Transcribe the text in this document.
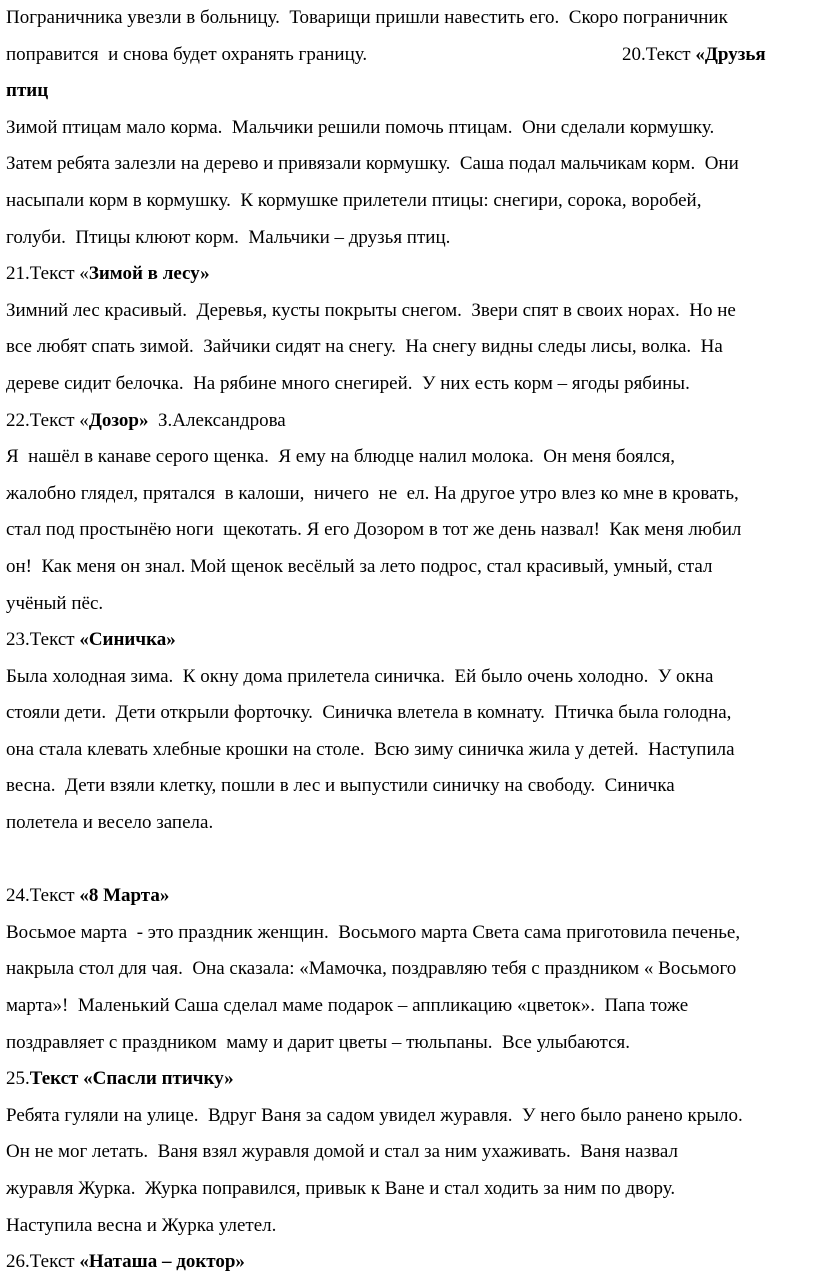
Пограничника увезли в больницу.  Товарищи пришли навестить его.  Скоро пограничник
поправится  и снова будет охранять границу.	20.Текст «Друзья
птиц
Зимой птицам мало корма.  Мальчики решили помочь птицам.  Они сделали кормушку.
Затем ребята залезли на дерево и привязали кормушку.  Саша подал мальчикам корм.  Они
насыпали корм в кормушку.  К кормушке прилетели птицы: снегири, сорока, воробей,
голуби.  Птицы клюют корм.  Мальчики – друзья птиц.
21.Текст «Зимой в лесу»
Зимний лес красивый.  Деревья, кусты покрыты снегом.  Звери спят в своих норах.  Но не
все любят спать зимой.  Зайчики сидят на снегу.  На снегу видны следы лисы, волка.  На
дереве сидит белочка.  На рябине много снегирей.  У них есть корм – ягоды рябины.
22.Текст «Дозор»  З.Александрова
Я  нашёл в канаве серого щенка.  Я ему на блюдце налил молока.  Он меня боялся,
жалобно глядел, прятался  в калоши,  ничего  не  ел. На другое утро влез ко мне в кровать,
стал под простынёю ноги  щекотать. Я его Дозором в тот же день назвал!  Как меня любил
он!  Как меня он знал. Мой щенок весёлый за лето подрос, стал красивый, умный, стал
учёный пёс.
23.Текст «Синичка»
Была холодная зима.  К окну дома прилетела синичка.  Ей было очень холодно.  У окна
стояли дети.  Дети открыли форточку.  Синичка влетела в комнату.  Птичка была голодна,
она стала клевать хлебные крошки на столе.  Всю зиму синичка жила у детей.  Наступила
весна.  Дети взяли клетку, пошли в лес и выпустили синичку на свободу.  Синичка
полетела и весело запела.
24.Текст «8 Марта»
Восьмое марта  - это праздник женщин.  Восьмого марта Света сама приготовила печенье,
накрыла стол для чая.  Она сказала: «Мамочка, поздравляю тебя с праздником « Восьмого
марта»!  Маленький Саша сделал маме подарок – аппликацию «цветок».  Папа тоже
поздравляет с праздником  маму и дарит цветы – тюльпаны.  Все улыбаются.
25.Текст «Спасли птичку»
Ребята гуляли на улице.  Вдруг Ваня за садом увидел журавля.  У него было ранено крыло.
Он не мог летать.  Ваня взял журавля домой и стал за ним ухаживать.  Ваня назвал
журавля Журка.  Журка поправился, привык к Ване и стал ходить за ним по двору.
Наступила весна и Журка улетел.
26.Текст «Наташа – доктор»
